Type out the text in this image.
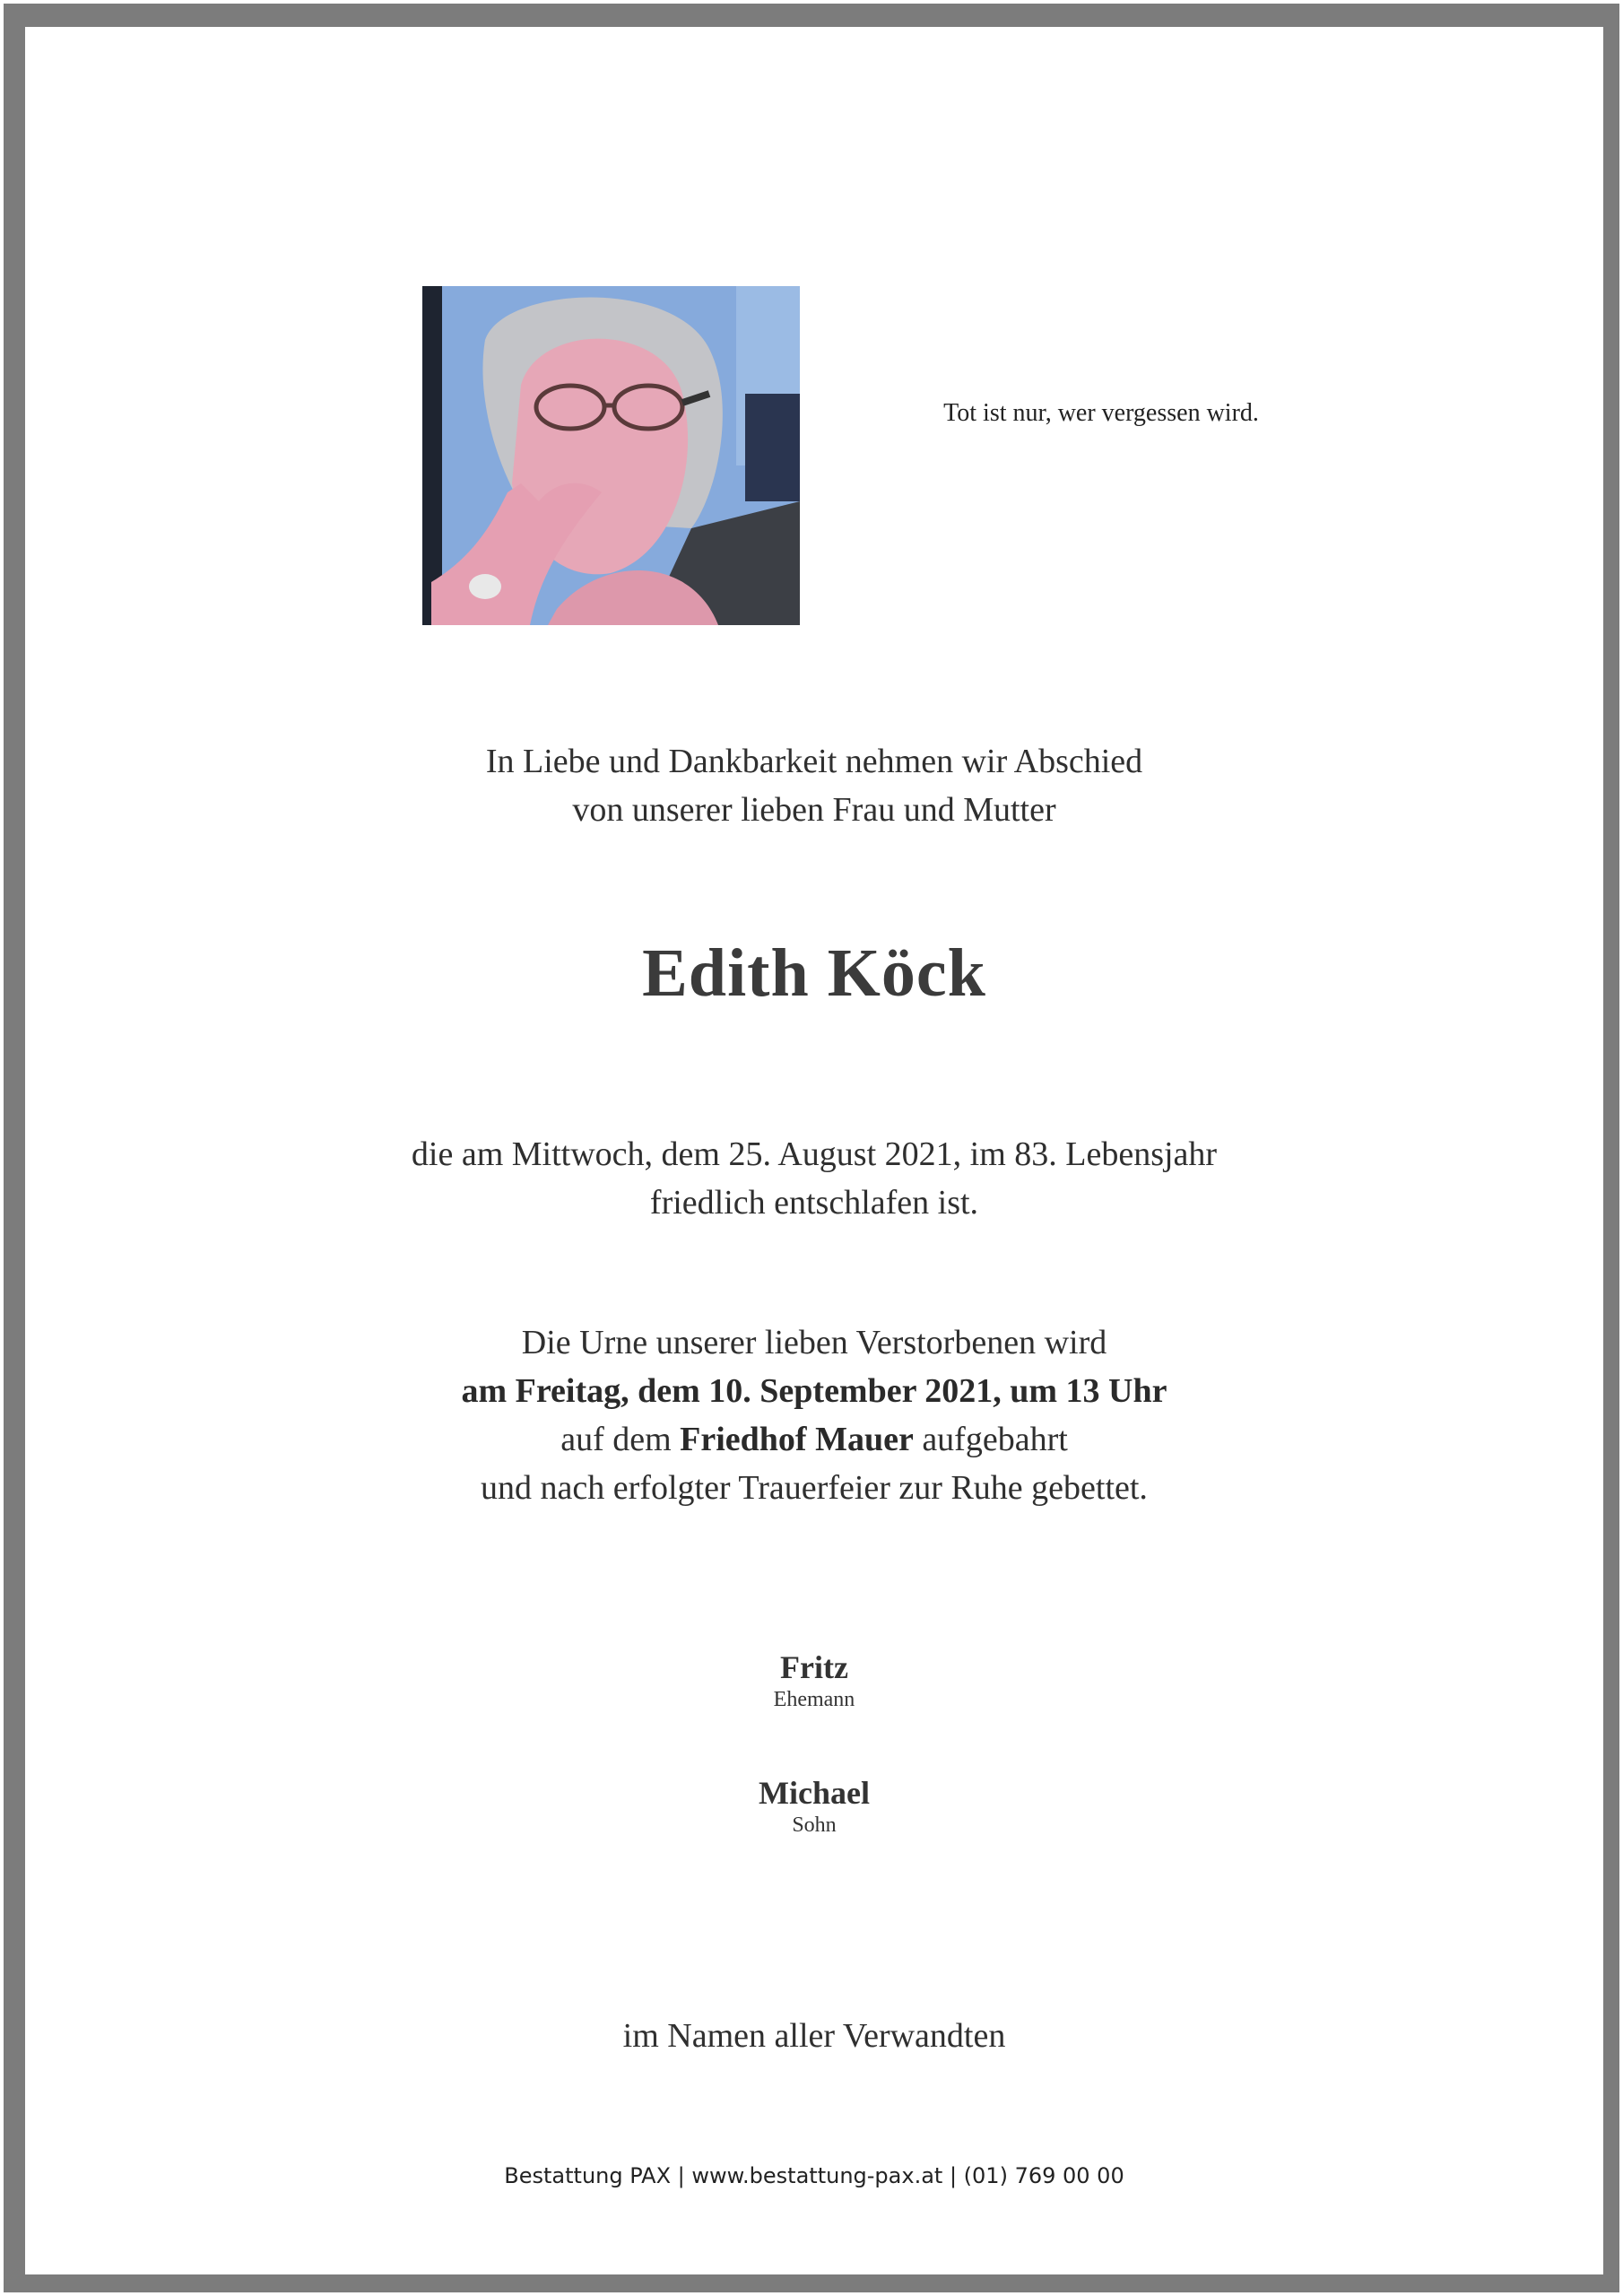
Tot ist nur, wer vergessen wird.
In Liebe und Dankbarkeit nehmen wir Abschied
von unserer lieben Frau und Mutter
Edith Köck
die am Mittwoch, dem 25. August 2021, im 83. Lebensjahr
friedlich entschlafen ist.
Die Urne unserer lieben Verstorbenen wird
am Freitag, dem 10. September 2021, um 13 Uhr
auf dem Friedhof Mauer aufgebahrt
und nach erfolgter Trauerfeier zur Ruhe gebettet.
Fritz
Ehemann
Michael
Sohn
im Namen aller Verwandten
Bestattung PAX | www.bestattung-pax.at | (01) 769 00 00
